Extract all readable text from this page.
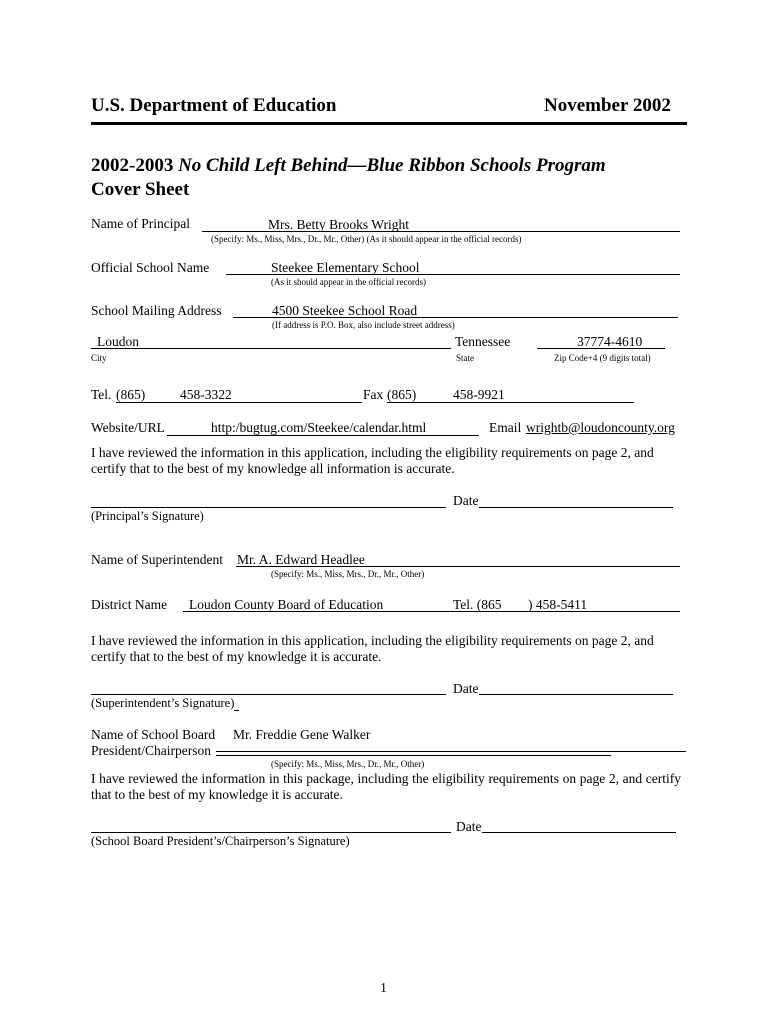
U.S. Department of Education	November 2002
2002-2003 No Child Left Behind—Blue Ribbon Schools Program
Cover Sheet
Name of Principal	Mrs. Betty Brooks Wright
(Specify: Ms., Miss, Mrs., Dr., Mr., Other) (As it should appear in the official records)
Official School Name	Steekee Elementary School
(As it should appear in the official records)
School Mailing Address	4500 Steekee School Road
(If address is P.O. Box, also include street address)
Loudon	Tennessee	37774-4610
City	State	Zip Code+4 (9 digits total)
Tel. (865)	458-3322	Fax (865)	458-9921
Website/URL	http:/bugtug.com/Steekee/calendar.html	Email wrightb@loudoncounty.org
I have reviewed the information in this application, including the eligibility requirements on page 2, and certify that to the best of my knowledge all information is accurate.
Date
(Principal’s Signature)
Name of Superintendent Mr. A. Edward Headlee
(Specify: Ms., Miss, Mrs., Dr., Mr., Other)
District Name Loudon County Board of Education	Tel. (865 ) 458-5411
I have reviewed the information in this application, including the eligibility requirements on page 2, and certify that to the best of my knowledge it is accurate.
Date
(Superintendent’s Signature)
Name of School Board Mr. Freddie Gene Walker
President/Chairperson
(Specify: Ms., Miss, Mrs., Dr., Mr., Other)
I have reviewed the information in this package, including the eligibility requirements on page 2, and certify that to the best of my knowledge it is accurate.
Date
(School Board President’s/Chairperson’s Signature)
1
